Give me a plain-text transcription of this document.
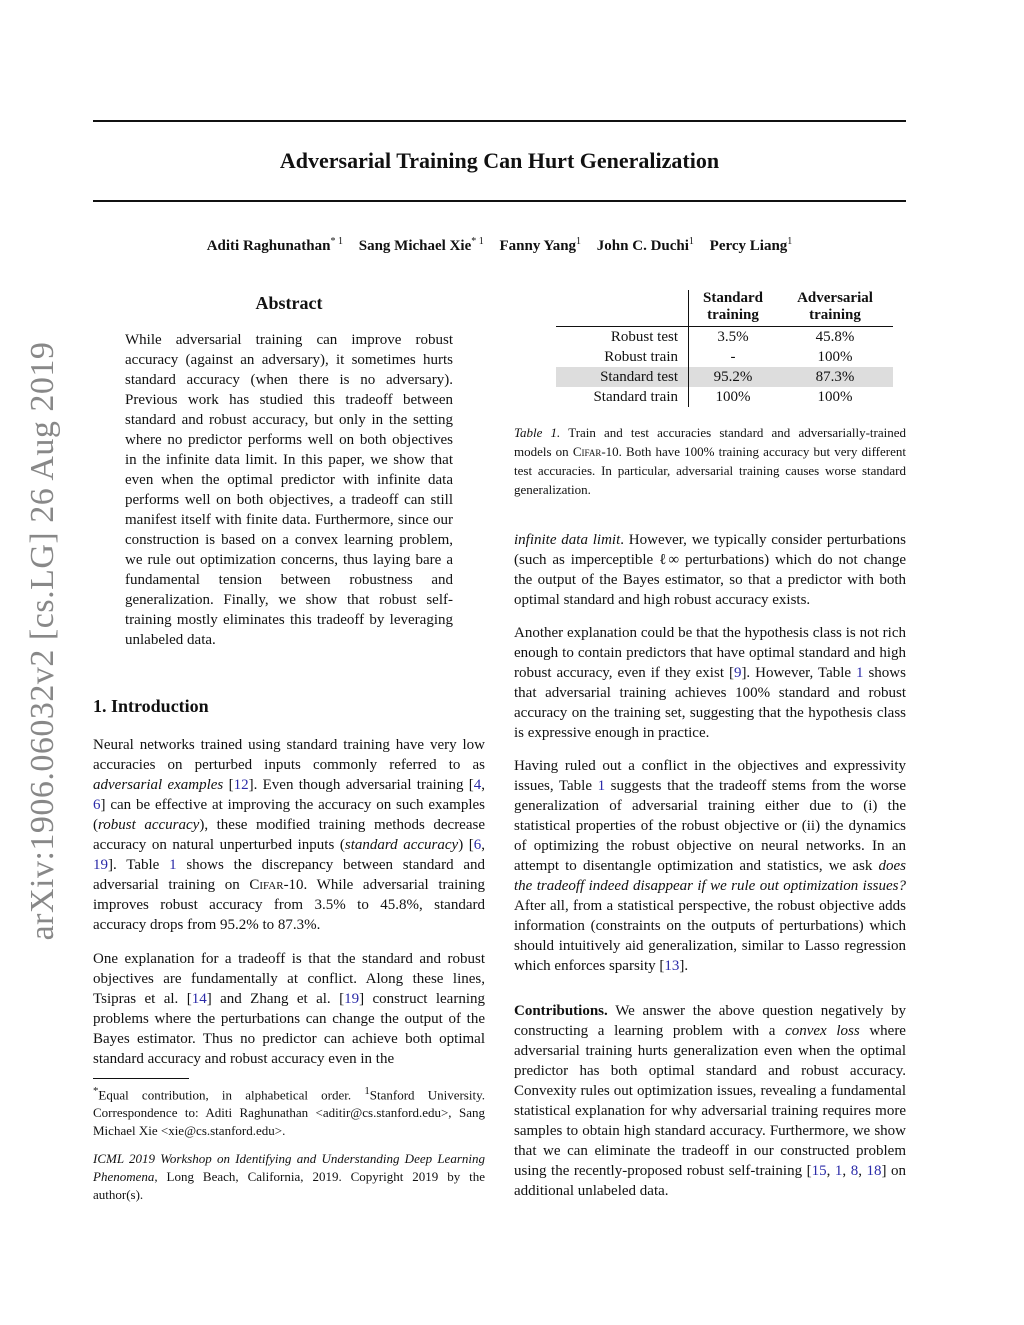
arXiv:1906.06032v2 [cs.LG] 26 Aug 2019
Adversarial Training Can Hurt Generalization
Aditi Raghunathan$^{* 1}$ Sang Michael Xie$^{* 1}$ Fanny Yang$^1$ John C. Duchi$^1$ Percy Liang$^1$
Abstract
While adversarial training can improve robust accuracy (against an adversary), it sometimes hurts standard accuracy (when there is no adversary). Previous work has studied this tradeoff between standard and robust accuracy, but only in the setting where no predictor performs well on both objectives in the infinite data limit. In this paper, we show that even when the optimal predictor with infinite data performs well on both objectives, a tradeoff can still manifest itself with finite data. Furthermore, since our construction is based on a convex learning problem, we rule out optimization concerns, thus laying bare a fundamental tension between robustness and generalization. Finally, we show that robust self-training mostly eliminates this tradeoff by leveraging unlabeled data.
1. Introduction

Neural networks trained using standard training have very low accuracies on perturbed inputs commonly referred to as adversarial examples [12]. Even though adversarial training [4, 6] can be effective at improving the accuracy on such examples (robust accuracy), these modified training methods decrease accuracy on natural unperturbed inputs (standard accuracy) [6, 19]. Table 1 shows the discrepancy between standard and adversarial training on Cifar-10. While adversarial training improves robust accuracy from 3.5% to 45.8%, standard accuracy drops from 95.2% to 87.3%.

One explanation for a tradeoff is that the standard and robust objectives are fundamentally at conflict. Along these lines, Tsipras et al. [14] and Zhang et al. [19] construct learning problems where the perturbations can change the output of the Bayes estimator. Thus no predictor can achieve both optimal standard accuracy and robust accuracy even in the

*Equal contribution, in alphabetical order. $^1$Stanford University. Correspondence to: Aditi Raghunathan <aditir@cs.stanford.edu>, Sang Michael Xie <xie@cs.stanford.edu>.
ICML 2019 Workshop on Identifying and Understanding Deep Learning Phenomena, Long Beach, California, 2019. Copyright 2019 by the author(s).
	Standard training	Adversarial training
Robust test	3.5%	45.8%
Robust train	-	100%
Standard test	95.2%	87.3%
Standard train	100%	100%
Table 1. Train and test accuracies standard and adversarially-trained models on Cifar-10. Both have 100% training accuracy but very different test accuracies. In particular, adversarial training causes worse standard generalization.

infinite data limit. However, we typically consider perturbations (such as imperceptible ℓ∞ perturbations) which do not change the output of the Bayes estimator, so that a predictor with both optimal standard and high robust accuracy exists.

Another explanation could be that the hypothesis class is not rich enough to contain predictors that have optimal standard and high robust accuracy, even if they exist [9]. However, Table 1 shows that adversarial training achieves 100% standard and robust accuracy on the training set, suggesting that the hypothesis class is expressive enough in practice.

Having ruled out a conflict in the objectives and expressivity issues, Table 1 suggests that the tradeoff stems from the worse generalization of adversarial training either due to (i) the statistical properties of the robust objective or (ii) the dynamics of optimizing the robust objective on neural networks. In an attempt to disentangle optimization and statistics, we ask does the tradeoff indeed disappear if we rule out optimization issues? After all, from a statistical perspective, the robust objective adds information (constraints on the outputs of perturbations) which should intuitively aid generalization, similar to Lasso regression which enforces sparsity [13].

Contributions. We answer the above question negatively by constructing a learning problem with a convex loss where adversarial training hurts generalization even when the optimal predictor has both optimal standard and robust accuracy. Convexity rules out optimization issues, revealing a fundamental statistical explanation for why adversarial training requires more samples to obtain high standard accuracy. Furthermore, we show that we can eliminate the tradeoff in our constructed problem using the recently-proposed robust self-training [15, 1, 8, 18] on additional unlabeled data.
